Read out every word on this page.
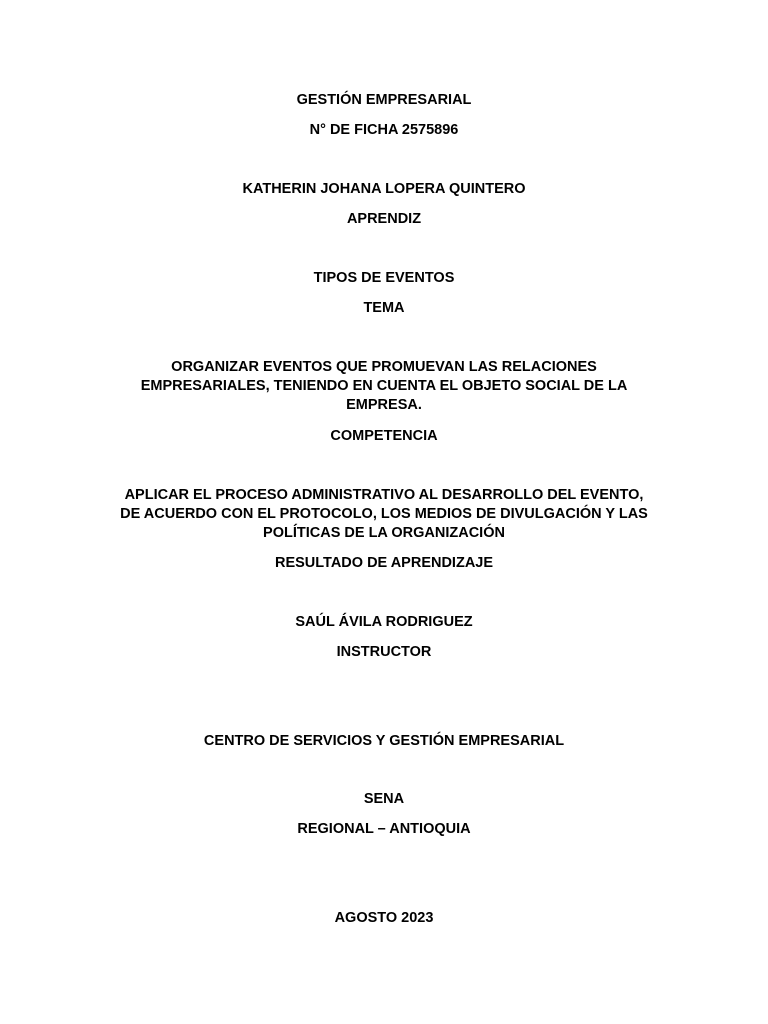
GESTIÓN EMPRESARIAL
N° DE FICHA 2575896
KATHERIN JOHANA LOPERA QUINTERO
APRENDIZ
TIPOS DE EVENTOS
TEMA
ORGANIZAR EVENTOS QUE PROMUEVAN LAS RELACIONES
EMPRESARIALES, TENIENDO EN CUENTA EL OBJETO SOCIAL DE LA
EMPRESA.
COMPETENCIA
APLICAR EL PROCESO ADMINISTRATIVO AL DESARROLLO DEL EVENTO,
DE ACUERDO CON EL PROTOCOLO, LOS MEDIOS DE DIVULGACIÓN Y LAS
POLÍTICAS DE LA ORGANIZACIÓN
RESULTADO DE APRENDIZAJE
SAÚL ÁVILA RODRIGUEZ
INSTRUCTOR
CENTRO DE SERVICIOS Y GESTIÓN EMPRESARIAL
SENA
REGIONAL – ANTIOQUIA
AGOSTO 2023
